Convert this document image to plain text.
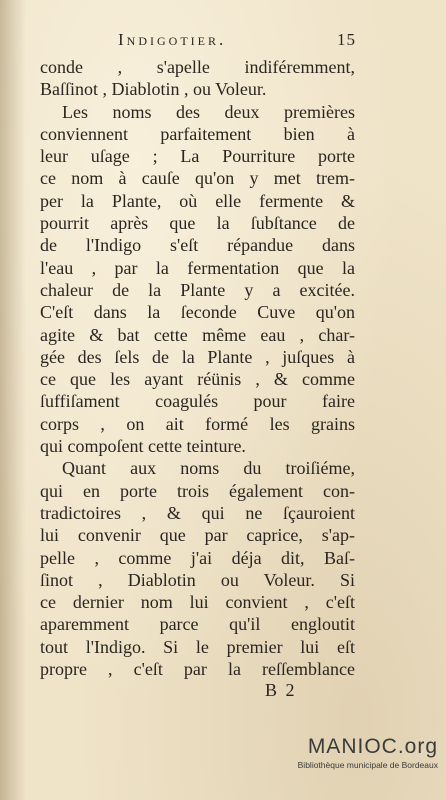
Indigotier.	15
conde , s'apelle indiféremment,
Baſſinot , Diablotin , ou Voleur.
Les noms des deux premières
conviennent parfaitement bien à
leur uſage ; La Pourriture porte
ce nom à cauſe qu'on y met trem-
per la Plante, où elle fermente &
pourrit après que la ſubſtance de
de l'Indigo s'eſt répandue dans
l'eau , par la fermentation que la
chaleur de la Plante y a excitée.
C'eſt dans la ſeconde Cuve qu'on
agite & bat cette même eau , char-
gée des ſels de la Plante , juſques à
ce que les ayant réünis , & comme
ſuffiſament coagulés pour faire
corps , on ait formé les grains
qui compoſent cette teinture.
Quant aux noms du troiſiéme,
qui en porte trois également con-
tradictoires , & qui ne ſçauroient
lui convenir que par caprice, s'ap-
pelle , comme j'ai déja dit, Baſ-
ſinot , Diablotin ou Voleur. Si
ce dernier nom lui convient , c'eſt
aparemment parce qu'il engloutit
tout l'Indigo. Si le premier lui eſt
propre , c'eſt par la reſſemblance
B 2
MANIOC.org
Bibliothèque municipale de Bordeaux
